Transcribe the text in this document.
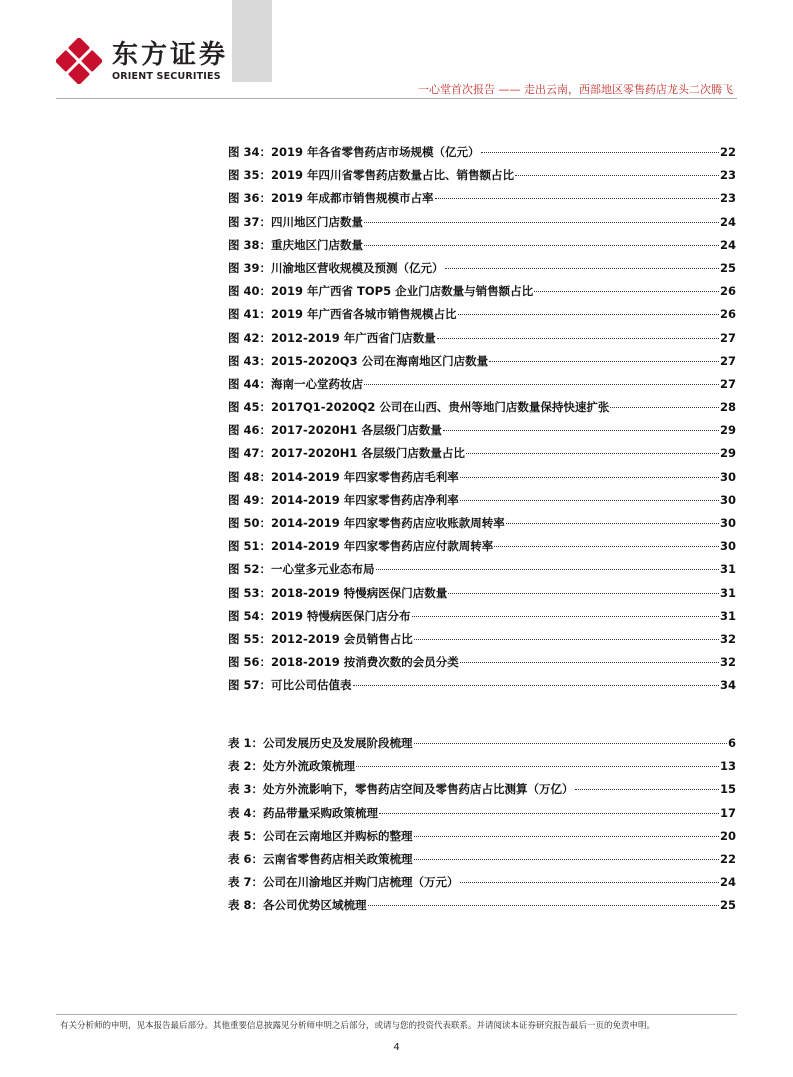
东方证券
ORIENT SECURITIES
一心堂首次报告 —— 走出云南，西部地区零售药店龙头二次腾飞
图 34：2019 年各省零售药店市场规模（亿元）	22
图 35：2019 年四川省零售药店数量占比、销售额占比	23
图 36：2019 年成都市销售规模市占率	23
图 37：四川地区门店数量	24
图 38：重庆地区门店数量	24
图 39：川渝地区营收规模及预测（亿元）	25
图 40：2019 年广西省 TOP5 企业门店数量与销售额占比	26
图 41：2019 年广西省各城市销售规模占比	26
图 42：2012-2019 年广西省门店数量	27
图 43：2015-2020Q3 公司在海南地区门店数量	27
图 44：海南一心堂药妆店	27
图 45：2017Q1-2020Q2 公司在山西、贵州等地门店数量保持快速扩张	28
图 46：2017-2020H1 各层级门店数量	29
图 47：2017-2020H1 各层级门店数量占比	29
图 48：2014-2019 年四家零售药店毛利率	30
图 49：2014-2019 年四家零售药店净利率	30
图 50：2014-2019 年四家零售药店应收账款周转率	30
图 51：2014-2019 年四家零售药店应付款周转率	30
图 52：一心堂多元业态布局	31
图 53：2018-2019 特慢病医保门店数量	31
图 54：2019 特慢病医保门店分布	31
图 55：2012-2019 会员销售占比	32
图 56：2018-2019 按消费次数的会员分类	32
图 57：可比公司估值表	34
表 1：公司发展历史及发展阶段梳理	6
表 2：处方外流政策梳理	13
表 3：处方外流影响下，零售药店空间及零售药店占比测算（万亿）	15
表 4：药品带量采购政策梳理	17
表 5：公司在云南地区并购标的整理	20
表 6：云南省零售药店相关政策梳理	22
表 7：公司在川渝地区并购门店梳理（万元）	24
表 8：各公司优势区域梳理	25
有关分析师的申明，见本报告最后部分。其他重要信息披露见分析师申明之后部分，或请与您的投资代表联系。并请阅读本证券研究报告最后一页的免责申明。
4
